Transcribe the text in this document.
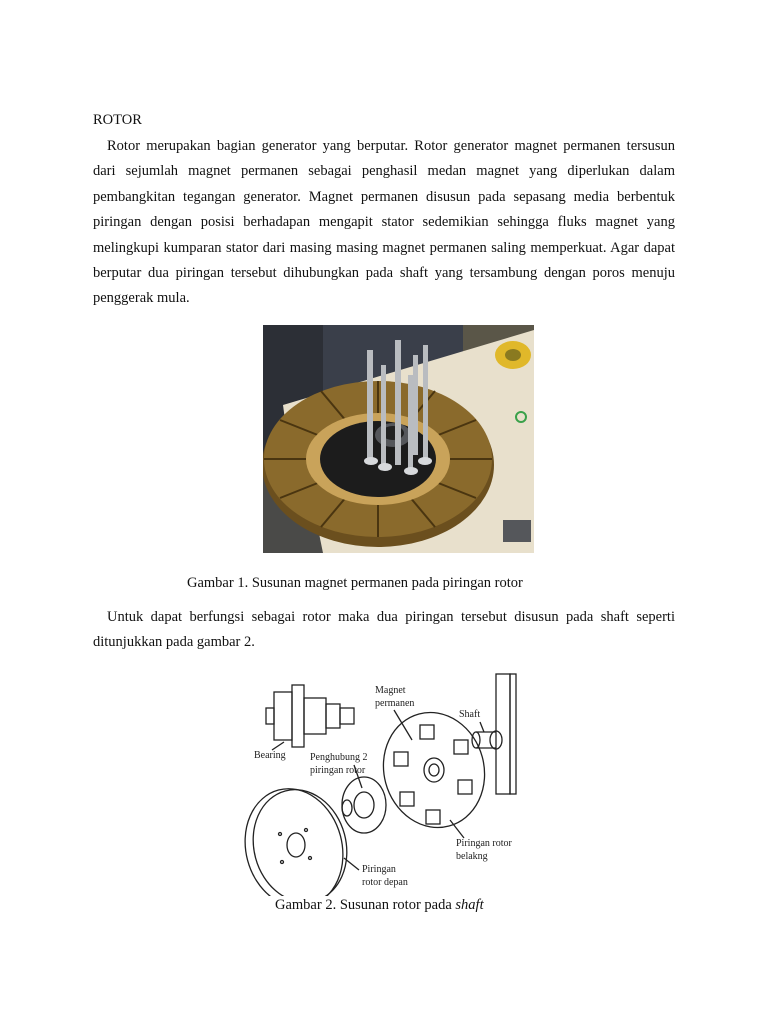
ROTOR
Rotor merupakan bagian generator yang berputar. Rotor generator magnet permanen tersusun dari sejumlah magnet permanen sebagai penghasil medan magnet yang diperlukan dalam pembangkitan tegangan generator. Magnet permanen disusun pada sepasang media berbentuk piringan dengan posisi berhadapan mengapit stator sedemikian sehingga fluks magnet yang melingkupi kumparan stator dari masing masing magnet permanen saling memperkuat. Agar dapat berputar dua piringan tersebut dihubungkan pada shaft yang tersambung dengan poros menuju penggerak mula.
Gambar 1. Susunan magnet permanen pada piringan rotor
Untuk dapat berfungsi sebagai rotor maka dua piringan tersebut disusun pada shaft seperti ditunjukkan pada gambar 2.
Magnet
permanen
Shaft
Bearing Penghubung 2
piringan rotor
Piringan rotor
belakng
Piringan
rotor depan
Gambar 2. Susunan rotor pada shaft
